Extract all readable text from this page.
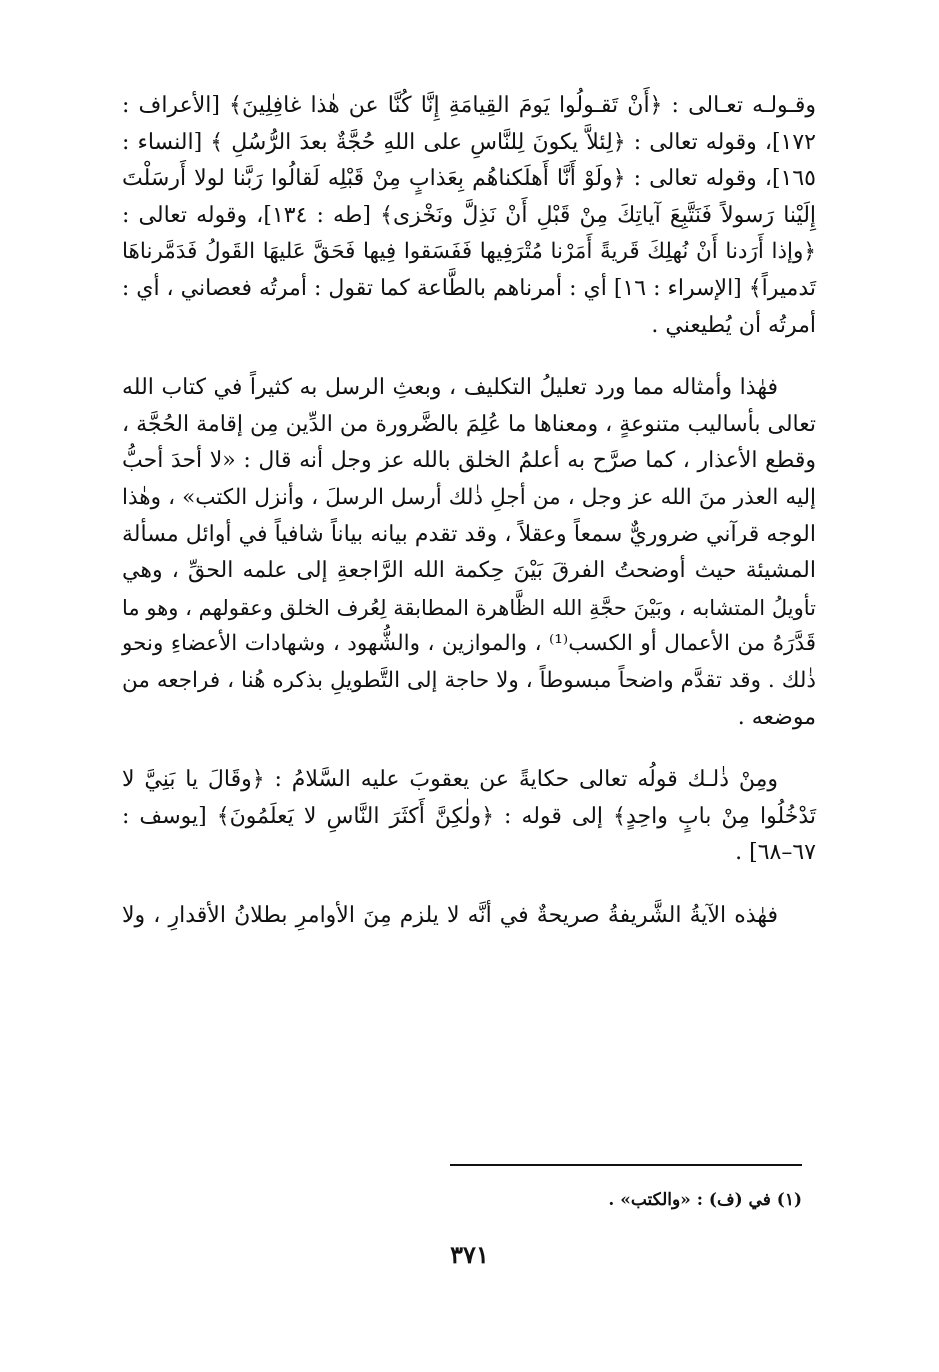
وقـولـه تعـالى : ﴿أَنْ تَقـولُوا يَومَ القِيامَةِ إِنَّا كُنَّا عن هٰذا غافِلِينَ﴾ [الأعراف :
١٧٢]، وقوله تعالى : ﴿لِئلاَّ يكونَ لِلنَّاسِ على اللهِ حُجَّةٌ بعدَ الرُّسُلِ ﴾ [النساء :
١٦٥]، وقوله تعالى : ﴿ولَوْ أَنَّا أَهلَكناهُم بِعَذابٍ مِنْ قَبْلِه لَقالُوا رَبَّنا لولا أَرسَلْتَ
إِلَيْنا رَسولاً فَنَتَّبِعَ آياتِكَ مِنْ قَبْلِ أَنْ نَذِلَّ ونَخْزى﴾ [طه : ١٣٤]، وقوله تعالى :
﴿وإذا أَرَدنا أَنْ نُهلِكَ قَريةً أَمَرْنا مُتْرَفِيها فَفَسَقوا فِيها فَحَقَّ عَليهَا القَولُ فَدَمَّرناهَا
تَدميراً﴾ [الإسراء : ١٦] أي : أمرناهم بالطَّاعة كما تقول : أمرتُه فعصاني ، أي :
أمرتُه أن يُطيعني .

فهٰذا وأمثاله مما ورد تعليلُ التكليف ، وبعثِ الرسل به كثيراً في كتاب الله
تعالى بأساليب متنوعةٍ ، ومعناها ما عُلِمَ بالضَّرورة من الدِّين مِن إقامة الحُجَّة ،
وقطع الأعذار ، كما صرَّح به أعلمُ الخلق بالله عز وجل أنه قال : «لا أحدَ أحبُّ
إليه العذر منَ الله عز وجل ، من أجلِ ذٰلك أرسل الرسلَ ، وأنزل الكتب» ، وهٰذا
الوجه قرآني ضروريٌّ سمعاً وعقلاً ، وقد تقدم بيانه بياناً شافياً في أوائل مسألة
المشيئة حيث أوضحتُ الفرقَ بَيْنَ حِكمة الله الرَّاجعةِ إلى علمه الحقِّ ، وهي
تأويلُ المتشابه ، وبَيْنَ حجَّةِ الله الظَّاهرة المطابقة لِعُرف الخلق وعقولهم ، وهو ما
قَدَّرَهُ من الأعمال أو الكسب⁽¹⁾ ، والموازين ، والشُّهود ، وشهادات الأعضاءِ ونحو
ذٰلك . وقد تقدَّم واضحاً مبسوطاً ، ولا حاجة إلى التَّطويلِ بذكره هُنا ، فراجعه من
موضعه .

ومِنْ ذٰلـك قولُه تعالى حكايةً عن يعقوبَ عليه السَّلامُ : ﴿وقَالَ يا بَنِيَّ لا
تَدْخُلُوا مِنْ بابٍ واحِدٍ﴾ إلى قوله : ﴿ولٰكِنَّ أَكثَرَ النَّاسِ لا يَعلَمُونَ﴾ [يوسف :
٦٧–٦٨] .

فهٰذه الآيةُ الشَّريفةُ صريحةٌ في أنَّه لا يلزم مِنَ الأوامرِ بطلانُ الأقدارِ ، ولا

(١) في (ف) : «والكتب» .
٣٧١
